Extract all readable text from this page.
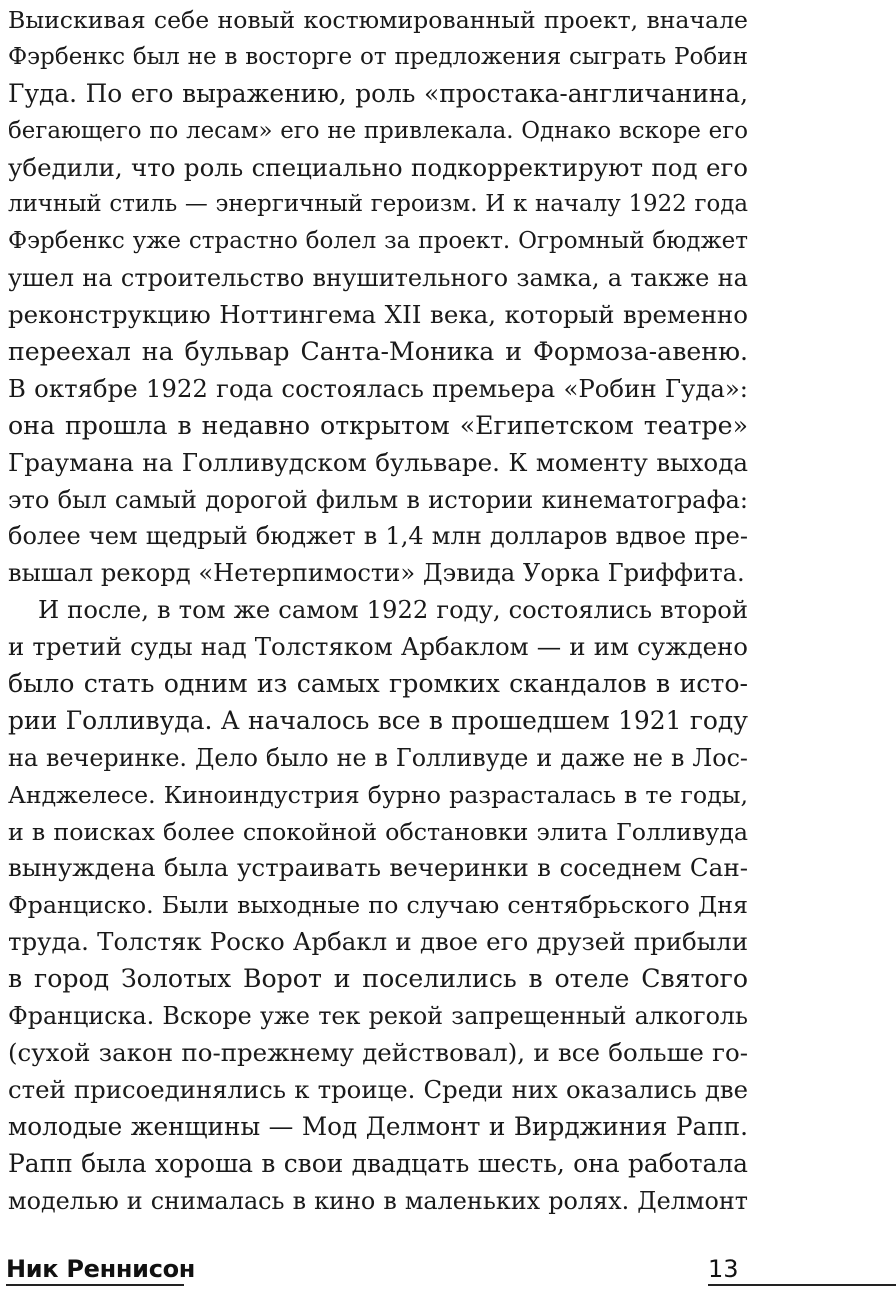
Выискивая себе новый костюмированный проект, вначале
Фэрбенкс был не в восторге от предложения сыграть Робин
Гуда. По его выражению, роль «простака-англичанина,
бегающего по лесам» его не привлекала. Однако вскоре его
убедили, что роль специально подкорректируют под его
личный стиль — энергичный героизм. И к началу 1922 года
Фэрбенкс уже страстно болел за проект. Огромный бюджет
ушел на строительство внушительного замка, а также на
реконструкцию Ноттингема XII века, который временно
переехал на бульвар Санта-Моника и Формоза-авеню.
В октябре 1922 года состоялась премьера «Робин Гуда»:
она прошла в недавно открытом «Египетском театре»
Граумана на Голливудском бульваре. К моменту выхода
это был самый дорогой фильм в истории кинематографа:
более чем щедрый бюджет в 1,4 млн долларов вдвое пре-
вышал рекорд «Нетерпимости» Дэвида Уорка Гриффита.
И после, в том же самом 1922 году, состоялись второй
и третий суды над Толстяком Арбаклом — и им суждено
было стать одним из самых громких скандалов в исто-
рии Голливуда. А началось все в прошедшем 1921 году
на вечеринке. Дело было не в Голливуде и даже не в Лос-
Анджелесе. Киноиндустрия бурно разрасталась в те годы,
и в поисках более спокойной обстановки элита Голливуда
вынуждена была устраивать вечеринки в соседнем Сан-
Франциско. Были выходные по случаю сентябрьского Дня
труда. Толстяк Роско Арбакл и двое его друзей прибыли
в город Золотых Ворот и поселились в отеле Святого
Франциска. Вскоре уже тек рекой запрещенный алкоголь
(сухой закон по-прежнему действовал), и все больше го-
стей присоединялись к троице. Среди них оказались две
молодые женщины — Мод Делмонт и Вирджиния Рапп.
Рапп была хороша в свои двадцать шесть, она работала
моделью и снималась в кино в маленьких ролях. Делмонт
Ник Реннисон	13
